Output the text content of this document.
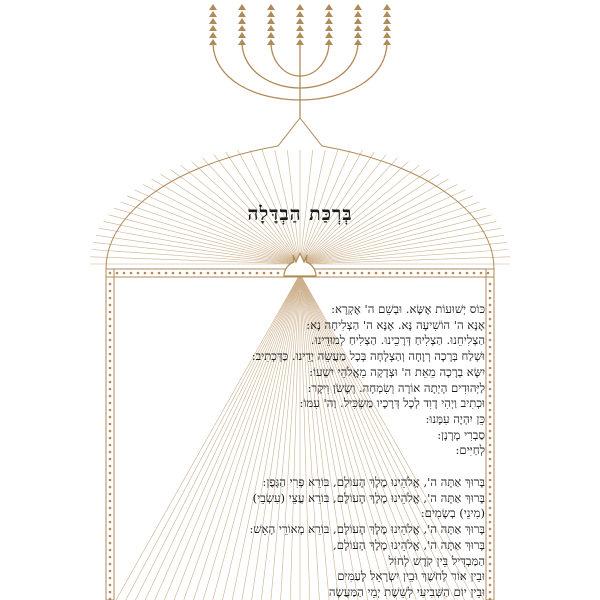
בְּרְכַּת הַבְדָּלָה
כּוֹס יְשׁוּעוֹת אֶשָּׂא. וּבְשֵׁם ה' אֶקְרָא:
אָנָּא ה' הוֹשִׁיעָה נָּא. אָנָּא ה' הַצְלִיחָה נָא:
הַצְלִיחֵנוּ. הַצְלִיחַ דְּרָכֵינוּ. הַצְלִיחַ לְמוּדֵינוּ.
וּשְׁלַח בְּרָכָה רְוָחָה וְהַצְלָחָה בְּכָל מַעֲשֵׂה יָדֵינוּ. כַּדְּכְתִיב:
יִשָּׂא בְרָכָה מֵאֵת ה' וּצְדָקָה מֵאֱלֹהֵי יִשְׁעוֹ:
לַיְּהוּדִים הָיְתָה אוֹרָה וְשִׂמְחָה. וְשָׂשֹׂן וִיקָר:
וּכְתִיב וַיְהִי דָוִד לְכָל דְּרָכָיו מַשְׂכִּיל. וַה' עִמּוֹ:
כֵּן יִהְיֶה עִמָּנוּ:
סַבְרִי מָרָנָן:
לְחַיִּים:
בָּרוּךְ אַתָּה ה', אֱלֹהֵינוּ מֶלֶךְ הָעוֹלָם, בּוֹרֵא פְּרִי הַגָּפֶן:
בָּרוּךְ אַתָּה ה', אֱלֹהֵינוּ מֶלֶךְ הָעוֹלָם, בּוֹרֵא עֲצֵי (עִשְׂבֵי)
(מִינֵי) בְשָׂמִים:
בָּרוּךְ אַתָּה ה', אֱלֹהֵינוּ מֶלֶךְ הָעוֹלָם, בּוֹרֵא מְאוֹרֵי הָאֵשׁ:
בָּרוּךְ אַתָּה ה', אֱלֹהֵינוּ מֶלֶךְ הָעוֹלָם,
הַמַּבְדִּיל בֵּין קֹדֶשׁ לְחוֹל
וּבֵין אוֹר לְחֹשֶׁךְ וּבֵין יִשְׂרָאֵל לָעַמִּים
וּבֵין יוֹם הַשְּׁבִיעִי לְשֵׁשֶׁת יְמֵי הַמַּעֲשֶׂה
